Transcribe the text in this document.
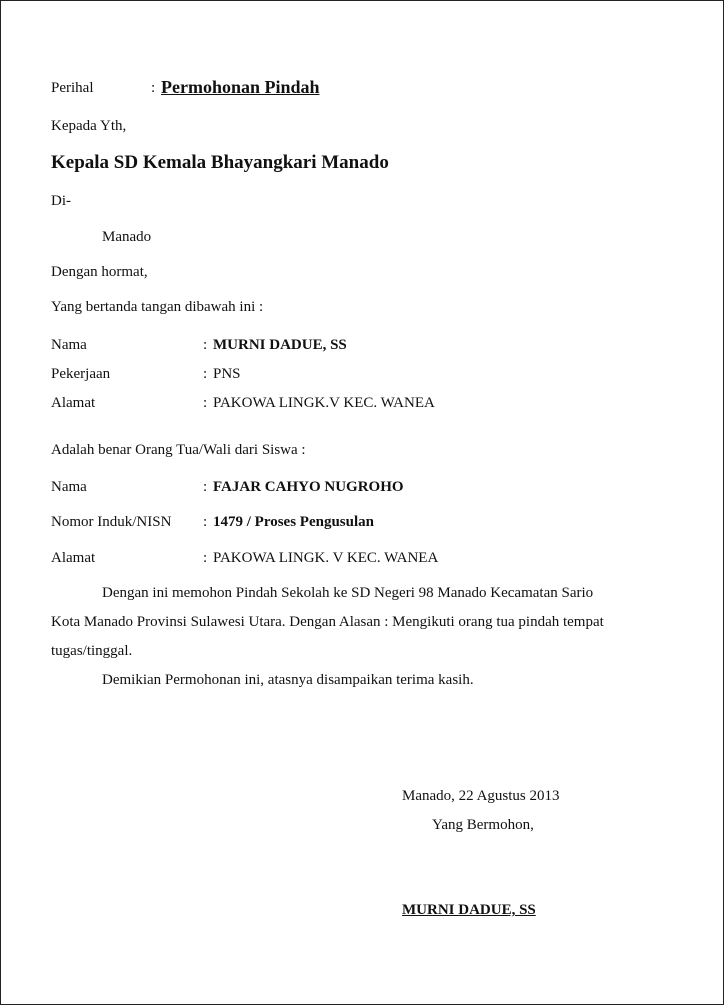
Perihal	: Permohonan Pindah
Kepada Yth,
Kepala SD Kemala Bhayangkari Manado
Di-
Manado
Dengan hormat,
Yang bertanda tangan dibawah ini :
Nama	: MURNI DADUE, SS
Pekerjaan	: PNS
Alamat	: PAKOWA LINGK.V KEC. WANEA
Adalah benar Orang Tua/Wali dari Siswa :
Nama	: FAJAR CAHYO NUGROHO
Nomor Induk/NISN : 1479 / Proses Pengusulan
Alamat	: PAKOWA LINGK. V KEC. WANEA
Dengan ini memohon Pindah Sekolah ke SD Negeri 98 Manado Kecamatan Sario
Kota Manado Provinsi Sulawesi Utara. Dengan Alasan : Mengikuti orang tua pindah tempat
tugas/tinggal.
Demikian Permohonan ini, atasnya disampaikan terima kasih.
Manado, 22 Agustus 2013
Yang Bermohon,
MURNI DADUE, SS
